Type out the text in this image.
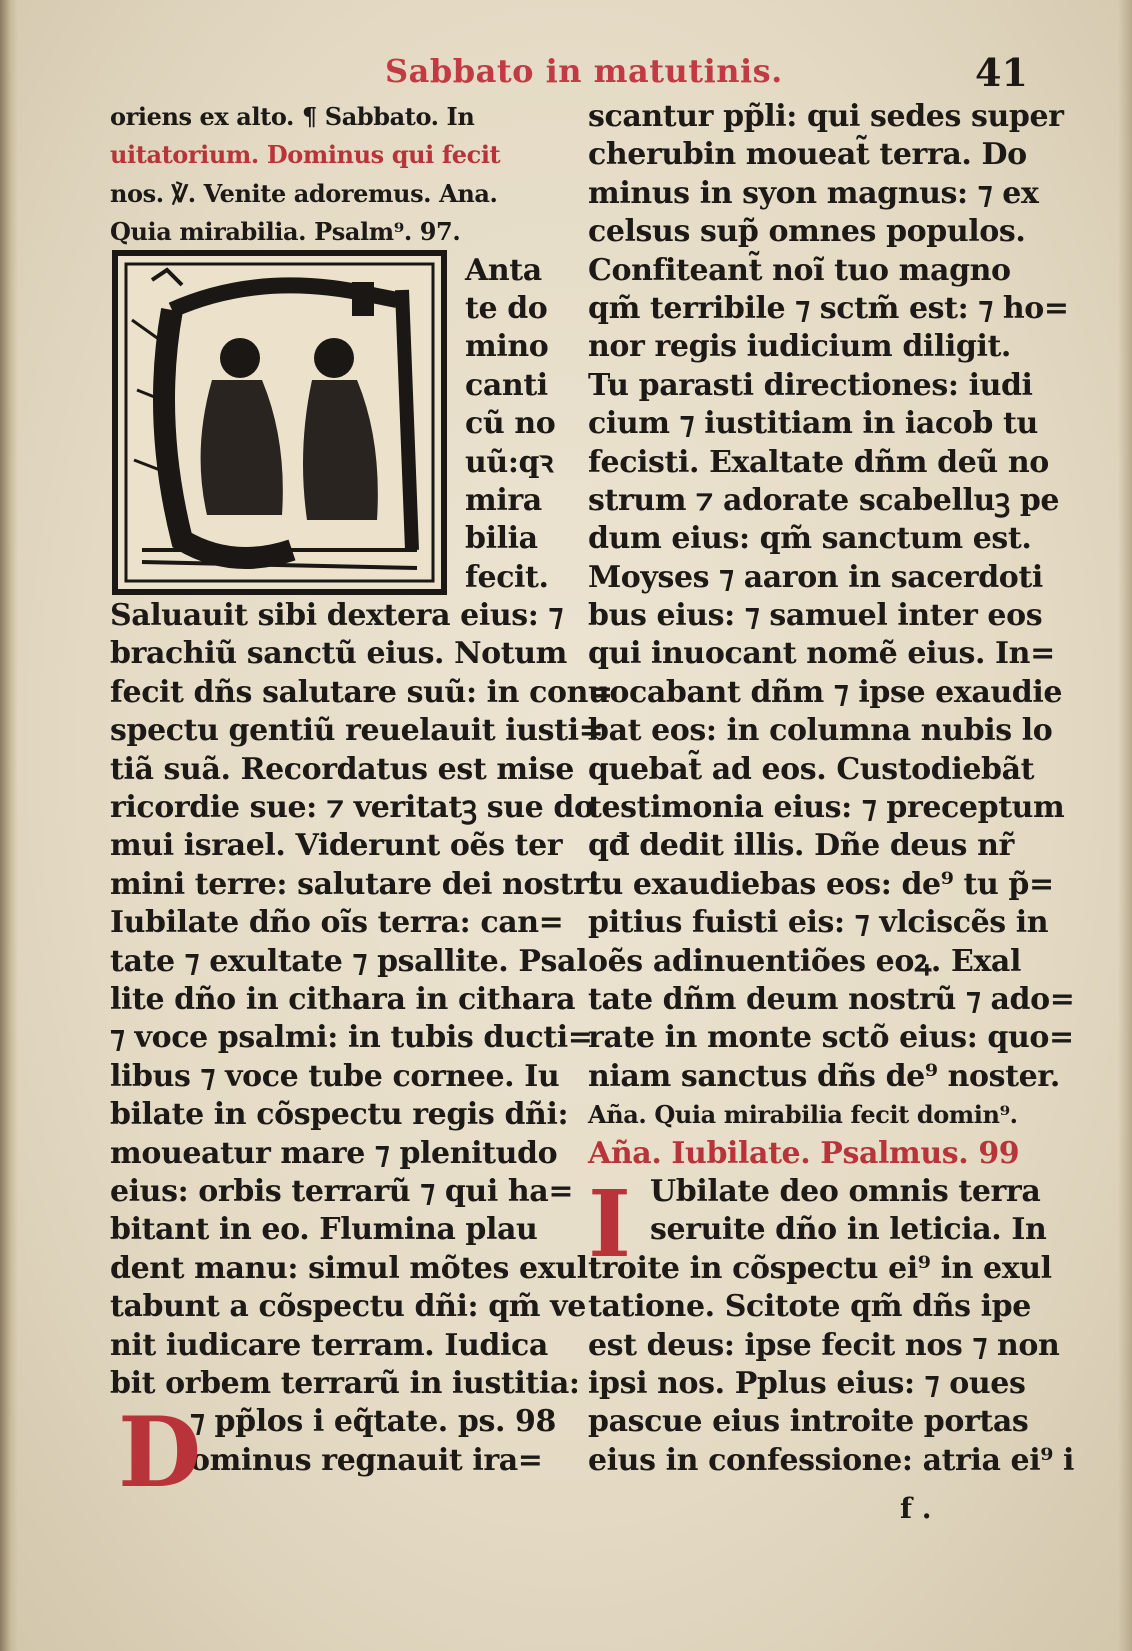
Sabbato in matutinis.	41
oriens ex alto. ¶ Sabbato. In
uitatorium. Dominus qui fecit
nos. ℣. Venite adoremus. Ana.
Quia mirabilia. Psalm⁹. 97.
Anta
te do
mino
canti
cũ no
uũ:qꝛ
mira
bilia
fecit.
Saluauit sibi dextera eius: ⁊
brachiũ sanctũ eius. Notum
fecit dñs salutare suũ: in con=
spectu gentiũ reuelauit iusti=
tiã suã. Recordatus est mise
ricordie sue: ⁊ veritatꝫ sue do
mui israel. Viderunt oẽs ter
mini terre: salutare dei nostri
Iubilate dño oĩs terra: can=
tate ⁊ exultate ⁊ psallite. Psal
lite dño in cithara in cithara
⁊ voce psalmi: in tubis ducti=
libus ⁊ voce tube cornee. Iu
bilate in cõspectu regis dñi:
moueatur mare ⁊ plenitudo
eius: orbis terrarũ ⁊ qui ha=
bitant in eo. Flumina plau
dent manu: simul mõtes exul
tabunt a cõspectu dñi: qm̃ ve
nit iudicare terram. Iudica
bit orbem terrarũ in iustitia:
⁊ pp̃los i eq̃tate. ps. 98
ominus regnauit ira=
D
scantur pp̃li: qui sedes super
cherubin moueat̃ terra. Do
minus in syon magnus: ⁊ ex
celsus sup̃ omnes populos.
Confiteant̃ noĩ tuo magno
qm̃ terribile ⁊ sctm̃ est: ⁊ ho=
nor regis iudicium diligit.
Tu parasti directiones: iudi
cium ⁊ iustitiam in iacob tu
fecisti. Exaltate dñm deũ no
strum ⁊ adorate scabelluꝫ pe
dum eius: qm̃ sanctum est.
Moyses ⁊ aaron in sacerdoti
bus eius: ⁊ samuel inter eos
qui inuocant nomẽ eius. In=
uocabant dñm ⁊ ipse exaudie
bat eos: in columna nubis lo
quebat̃ ad eos. Custodiebãt
testimonia eius: ⁊ preceptum
qđ dedit illis. Dñe deus nr̃
tu exaudiebas eos: de⁹ tu p̃=
pitius fuisti eis: ⁊ vlciscẽs in
oẽs adinuentiões eoꝝ. Exal
tate dñm deum nostrũ ⁊ ado=
rate in monte sctõ eius: quo=
niam sanctus dñs de⁹ noster.
Aña. Quia mirabilia fecit domin⁹.
Aña. Iubilate. Psalmus. 99
Ubilate deo omnis terra
seruite dño in leticia. In
troite in cõspectu ei⁹ in exul
tatione. Scitote qm̃ dñs ipe
est deus: ipse fecit nos ⁊ non
ipsi nos. Pplus eius: ⁊ oues
pascue eius introite portas
eius in confessione: atria ei⁹ i
I
f .
